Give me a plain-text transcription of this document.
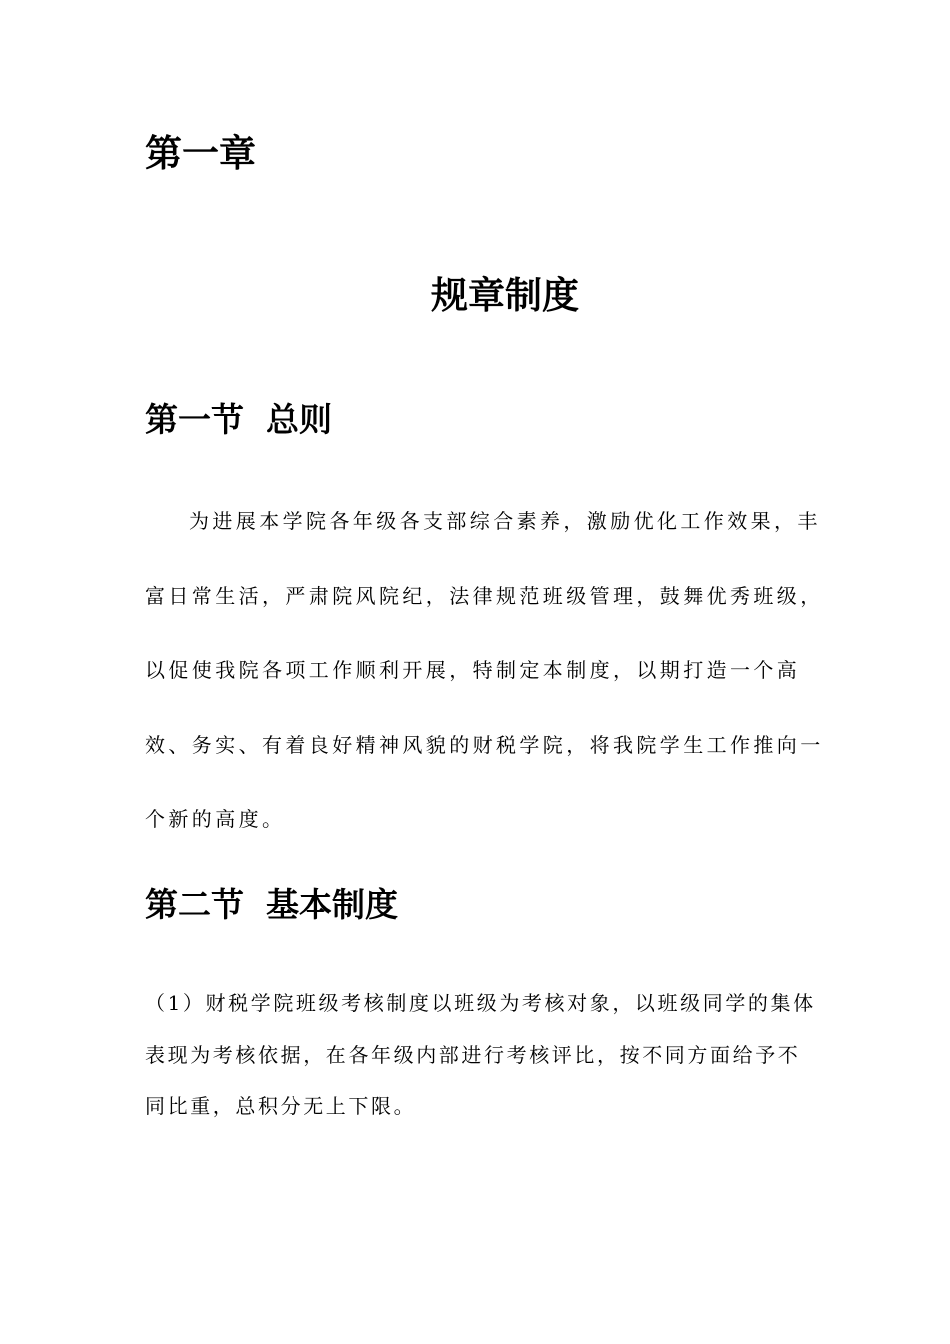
第一章
规章制度
第一节 总则
为进展本学院各年级各支部综合素养，激励优化工作效果，丰
富日常生活，严肃院风院纪，法律规范班级管理，鼓舞优秀班级，
以促使我院各项工作顺利开展，特制定本制度，以期打造一个高
效、务实、有着良好精神风貌的财税学院，将我院学生工作推向一
个新的高度。
第二节 基本制度
（1）财税学院班级考核制度以班级为考核对象，以班级同学的集体
表现为考核依据，在各年级内部进行考核评比，按不同方面给予不
同比重，总积分无上下限。
